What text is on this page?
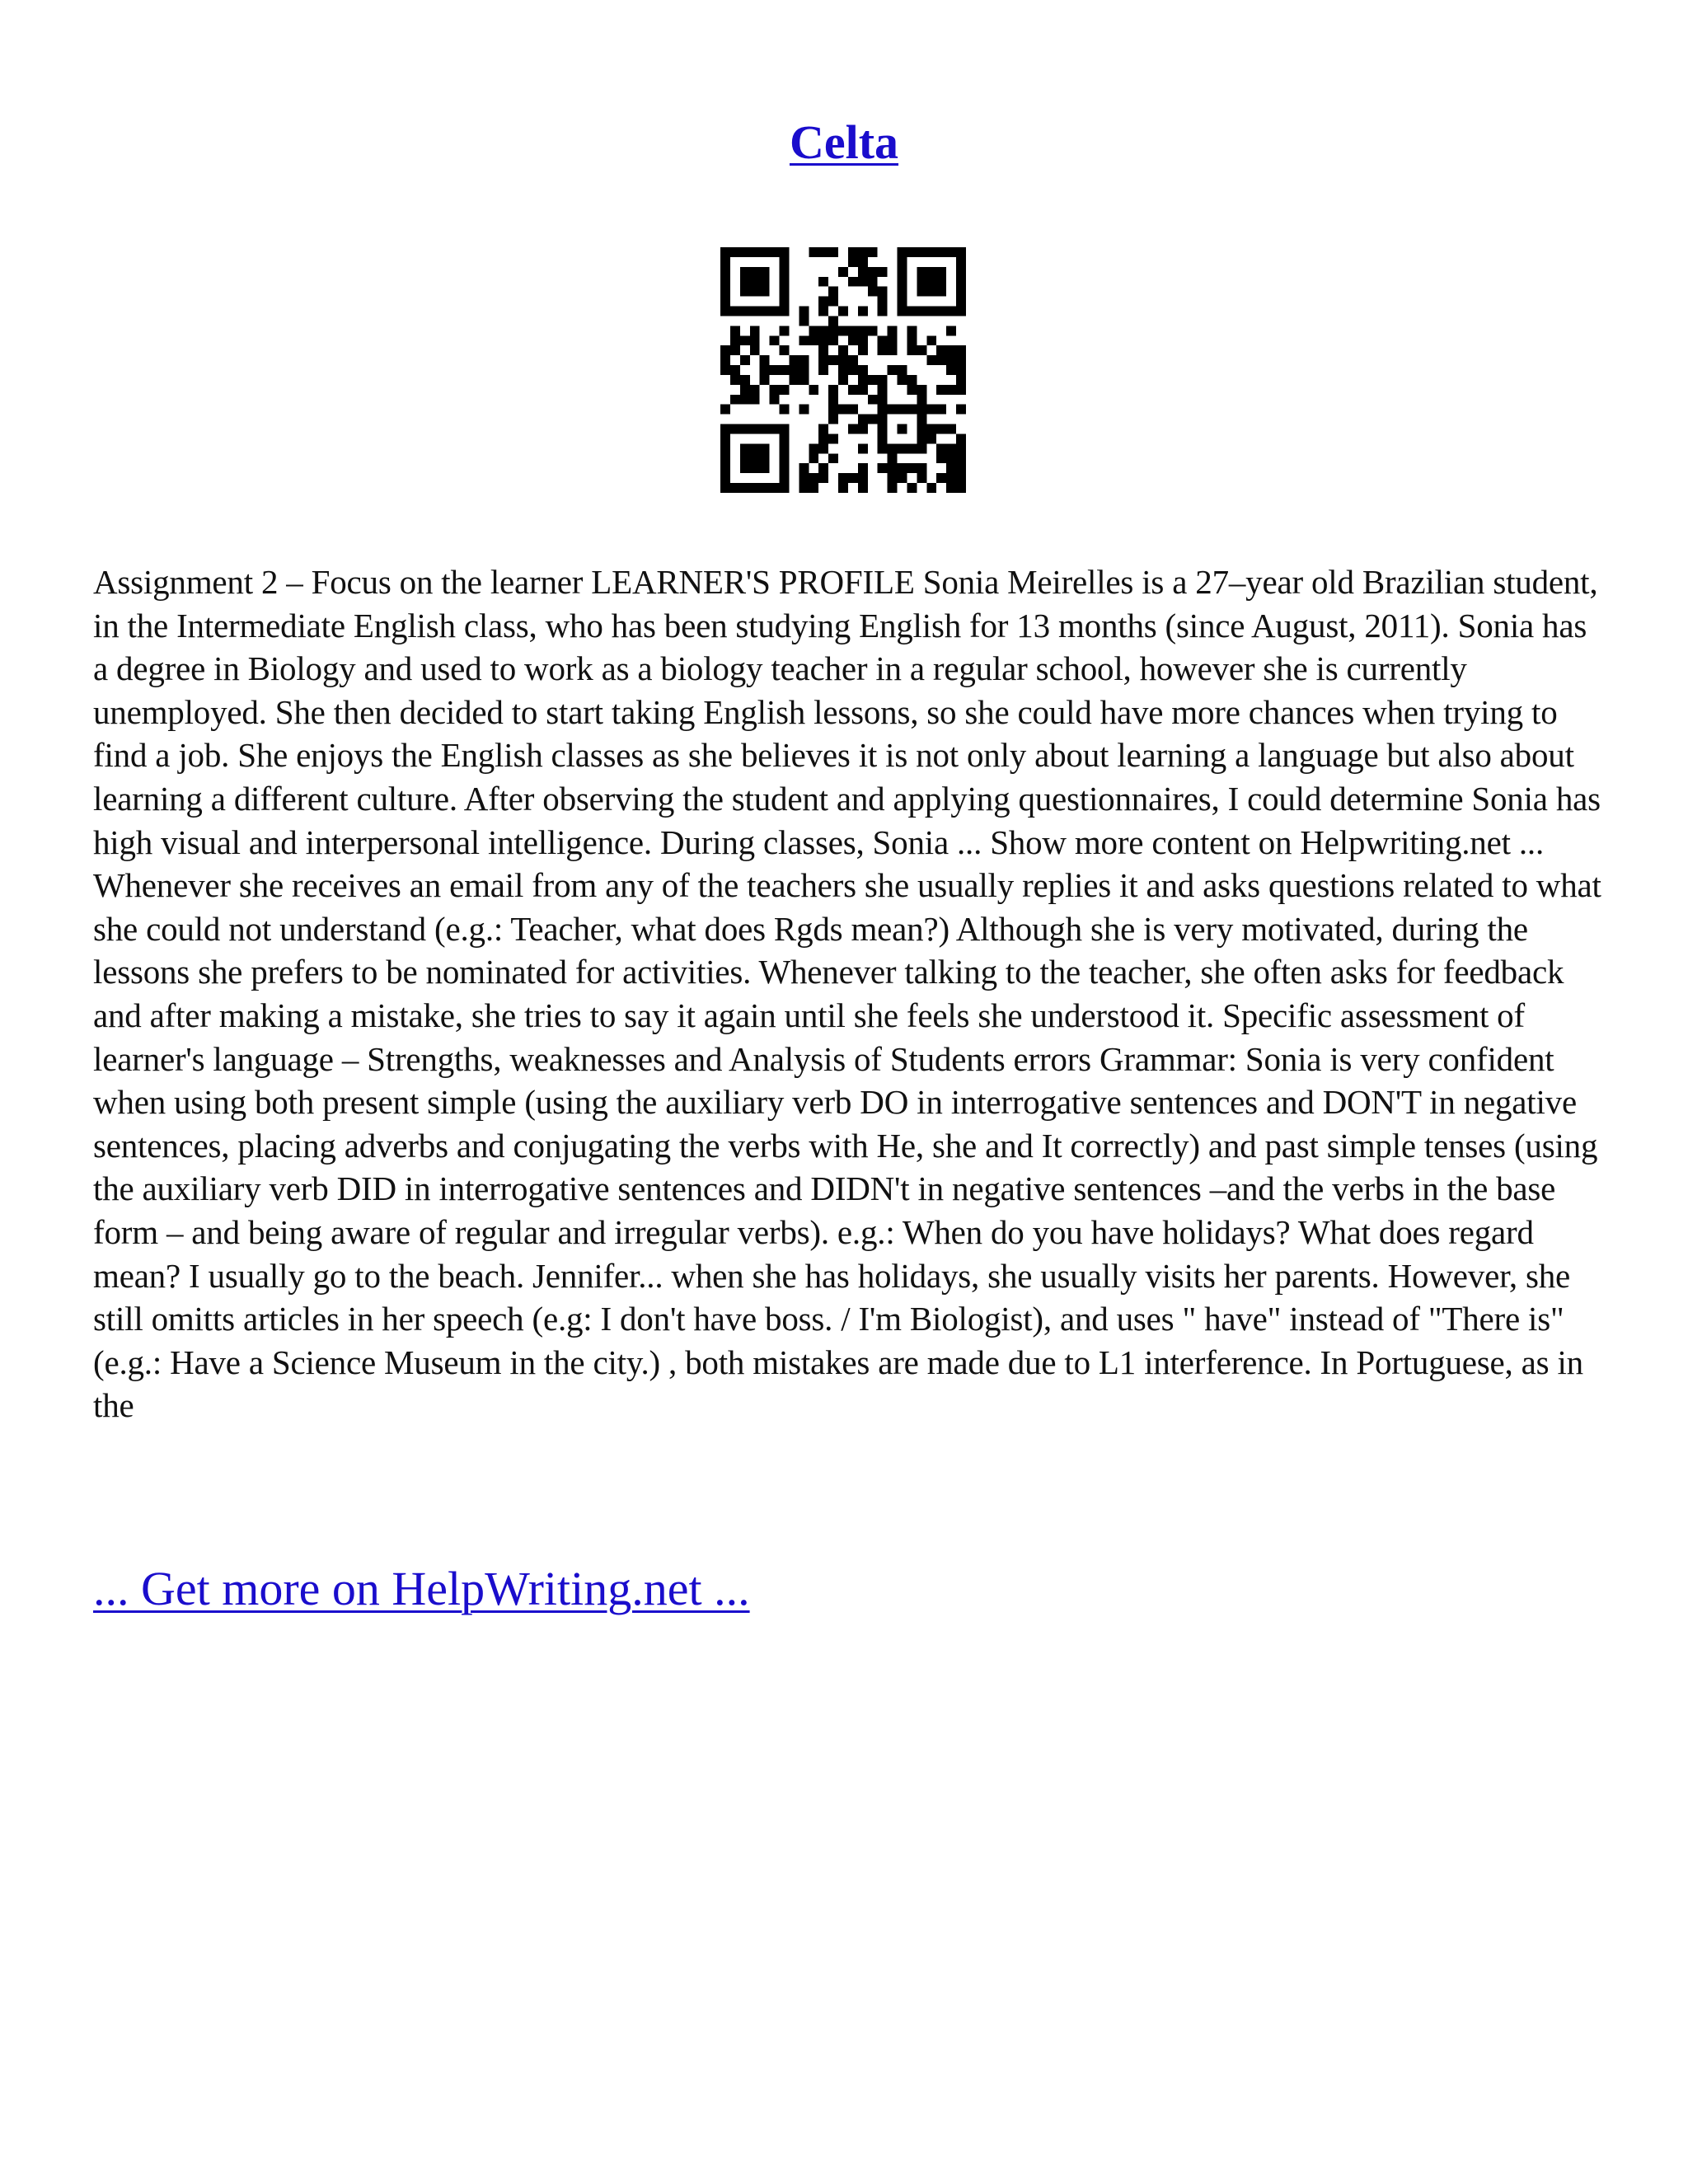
Celta

Assignment 2 – Focus on the learner LEARNER'S PROFILE Sonia Meirelles is a 27–year old Brazilian student, in the Intermediate English class, who has been studying English for 13 months (since August, 2011). Sonia has a degree in Biology and used to work as a biology teacher in a regular school, however she is currently unemployed. She then decided to start taking English lessons, so she could have more chances when trying to find a job. She enjoys the English classes as she believes it is not only about learning a language but also about learning a different culture. After observing the student and applying questionnaires, I could determine Sonia has high visual and interpersonal intelligence. During classes, Sonia ... Show more content on Helpwriting.net ... Whenever she receives an email from any of the teachers she usually replies it and asks questions related to what she could not understand (e.g.: Teacher, what does Rgds mean?) Although she is very motivated, during the lessons she prefers to be nominated for activities. Whenever talking to the teacher, she often asks for feedback and after making a mistake, she tries to say it again until she feels she understood it. Specific assessment of learner's language – Strengths, weaknesses and Analysis of Students errors Grammar: Sonia is very confident when using both present simple (using the auxiliary verb DO in interrogative sentences and DON'T in negative sentences, placing adverbs and conjugating the verbs with He, she and It correctly) and past simple tenses (using the auxiliary verb DID in interrogative sentences and DIDN't in negative sentences –and the verbs in the base form – and being aware of regular and irregular verbs). e.g.: When do you have holidays? What does regard mean? I usually go to the beach. Jennifer... when she has holidays, she usually visits her parents. However, she still omitts articles in her speech (e.g: I don't have boss. / I'm Biologist), and uses " have" instead of "There is" (e.g.: Have a Science Museum in the city.) , both mistakes are made due to L1 interference. In Portuguese, as in the

... Get more on HelpWriting.net ...
